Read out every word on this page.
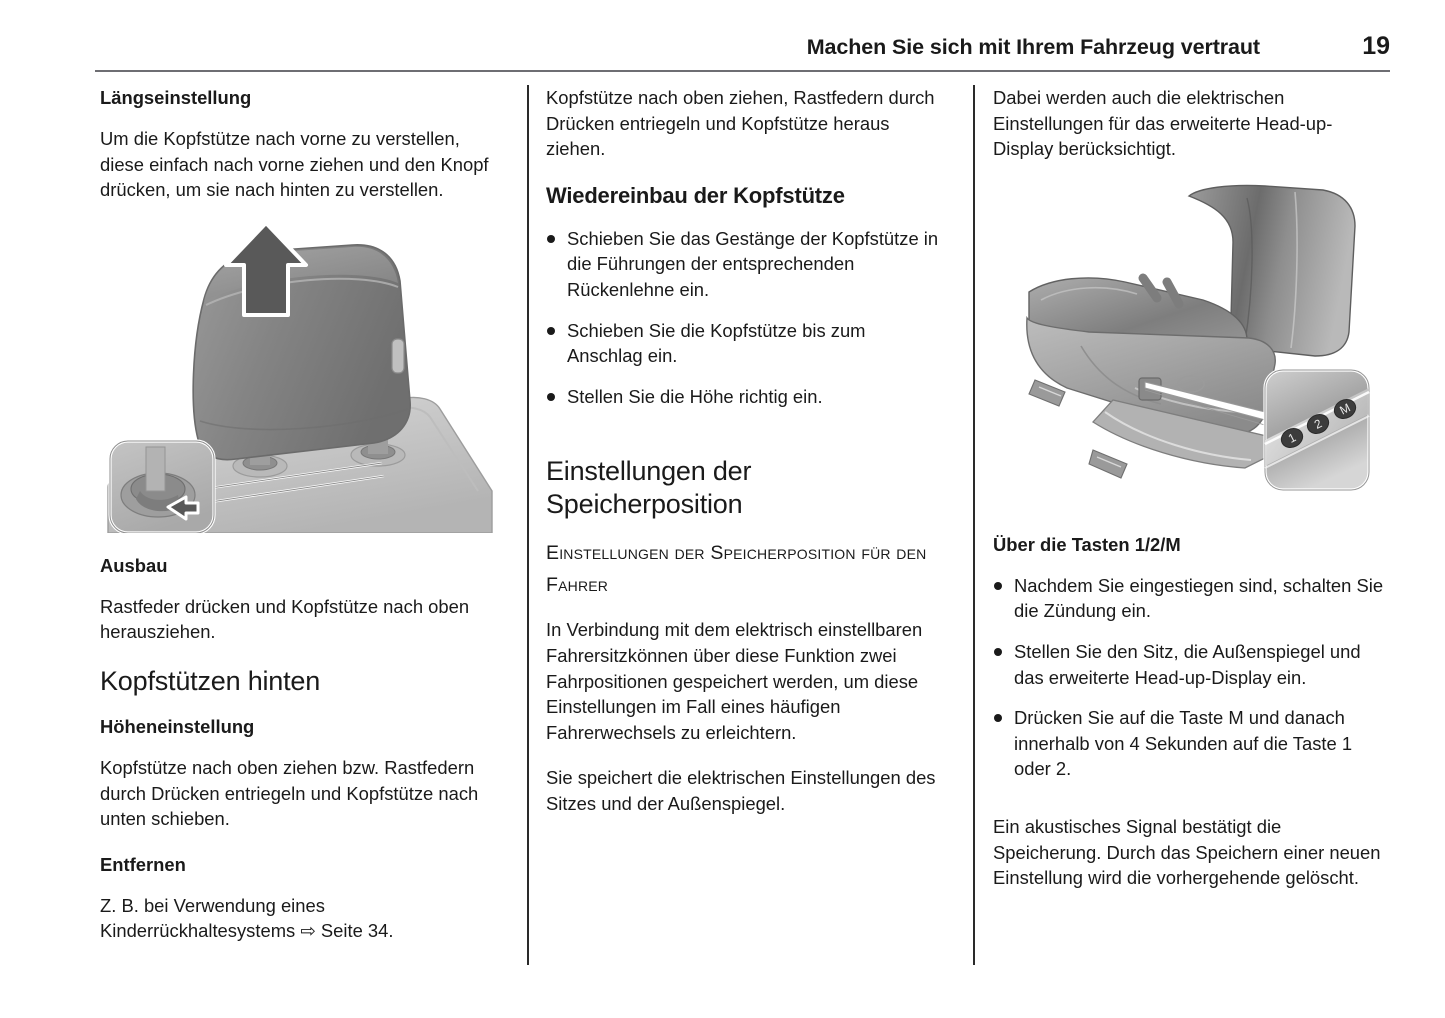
Machen Sie sich mit Ihrem Fahrzeug vertraut	19
Längseinstellung

Um die Kopfstütze nach vorne zu verstellen, diese einfach nach vorne ziehen und den Knopf drücken, um sie nach hinten zu verstellen.

Ausbau

Rastfeder drücken und Kopfstütze nach oben herausziehen.

Kopfstützen hinten
Höheneinstellung

Kopfstütze nach oben ziehen bzw. Rastfedern durch Drücken entriegeln und Kopfstütze nach unten schieben.

Entfernen

Z. B. bei Verwendung eines
Kinderrückhaltesystems ⇨ Seite 34.

Kopfstütze nach oben ziehen, Rastfedern durch Drücken entriegeln und Kopfstütze heraus ziehen.

Wiedereinbau der Kopfstütze
Schieben Sie das Gestänge der Kopfstütze in die Führungen der entsprechenden Rückenlehne ein.
Schieben Sie die Kopfstütze bis zum Anschlag ein.
Stellen Sie die Höhe richtig ein.
Einstellungen der Speicherposition
Einstellungen der Speicherposition für den Fahrer

In Verbindung mit dem elektrisch einstellbaren Fahrersitzkönnen über diese Funktion zwei Fahrpositionen gespeichert werden, um diese Einstellungen im Fall eines häufigen Fahrerwechsels zu erleichtern.

Sie speichert die elektrischen Einstellungen des Sitzes und der Außenspiegel.

Dabei werden auch die elektrischen Einstellungen für das erweiterte Head-up-Display berücksichtigt.

1
2
M
Über die Tasten 1/2/M
Nachdem Sie eingestiegen sind, schalten Sie die Zündung ein.
Stellen Sie den Sitz, die Außenspiegel und das erweiterte Head-up-Display ein.
Drücken Sie auf die Taste M und danach innerhalb von 4 Sekunden auf die Taste 1 oder 2.

Ein akustisches Signal bestätigt die Speicherung. Durch das Speichern einer neuen Einstellung wird die vorhergehende gelöscht.
